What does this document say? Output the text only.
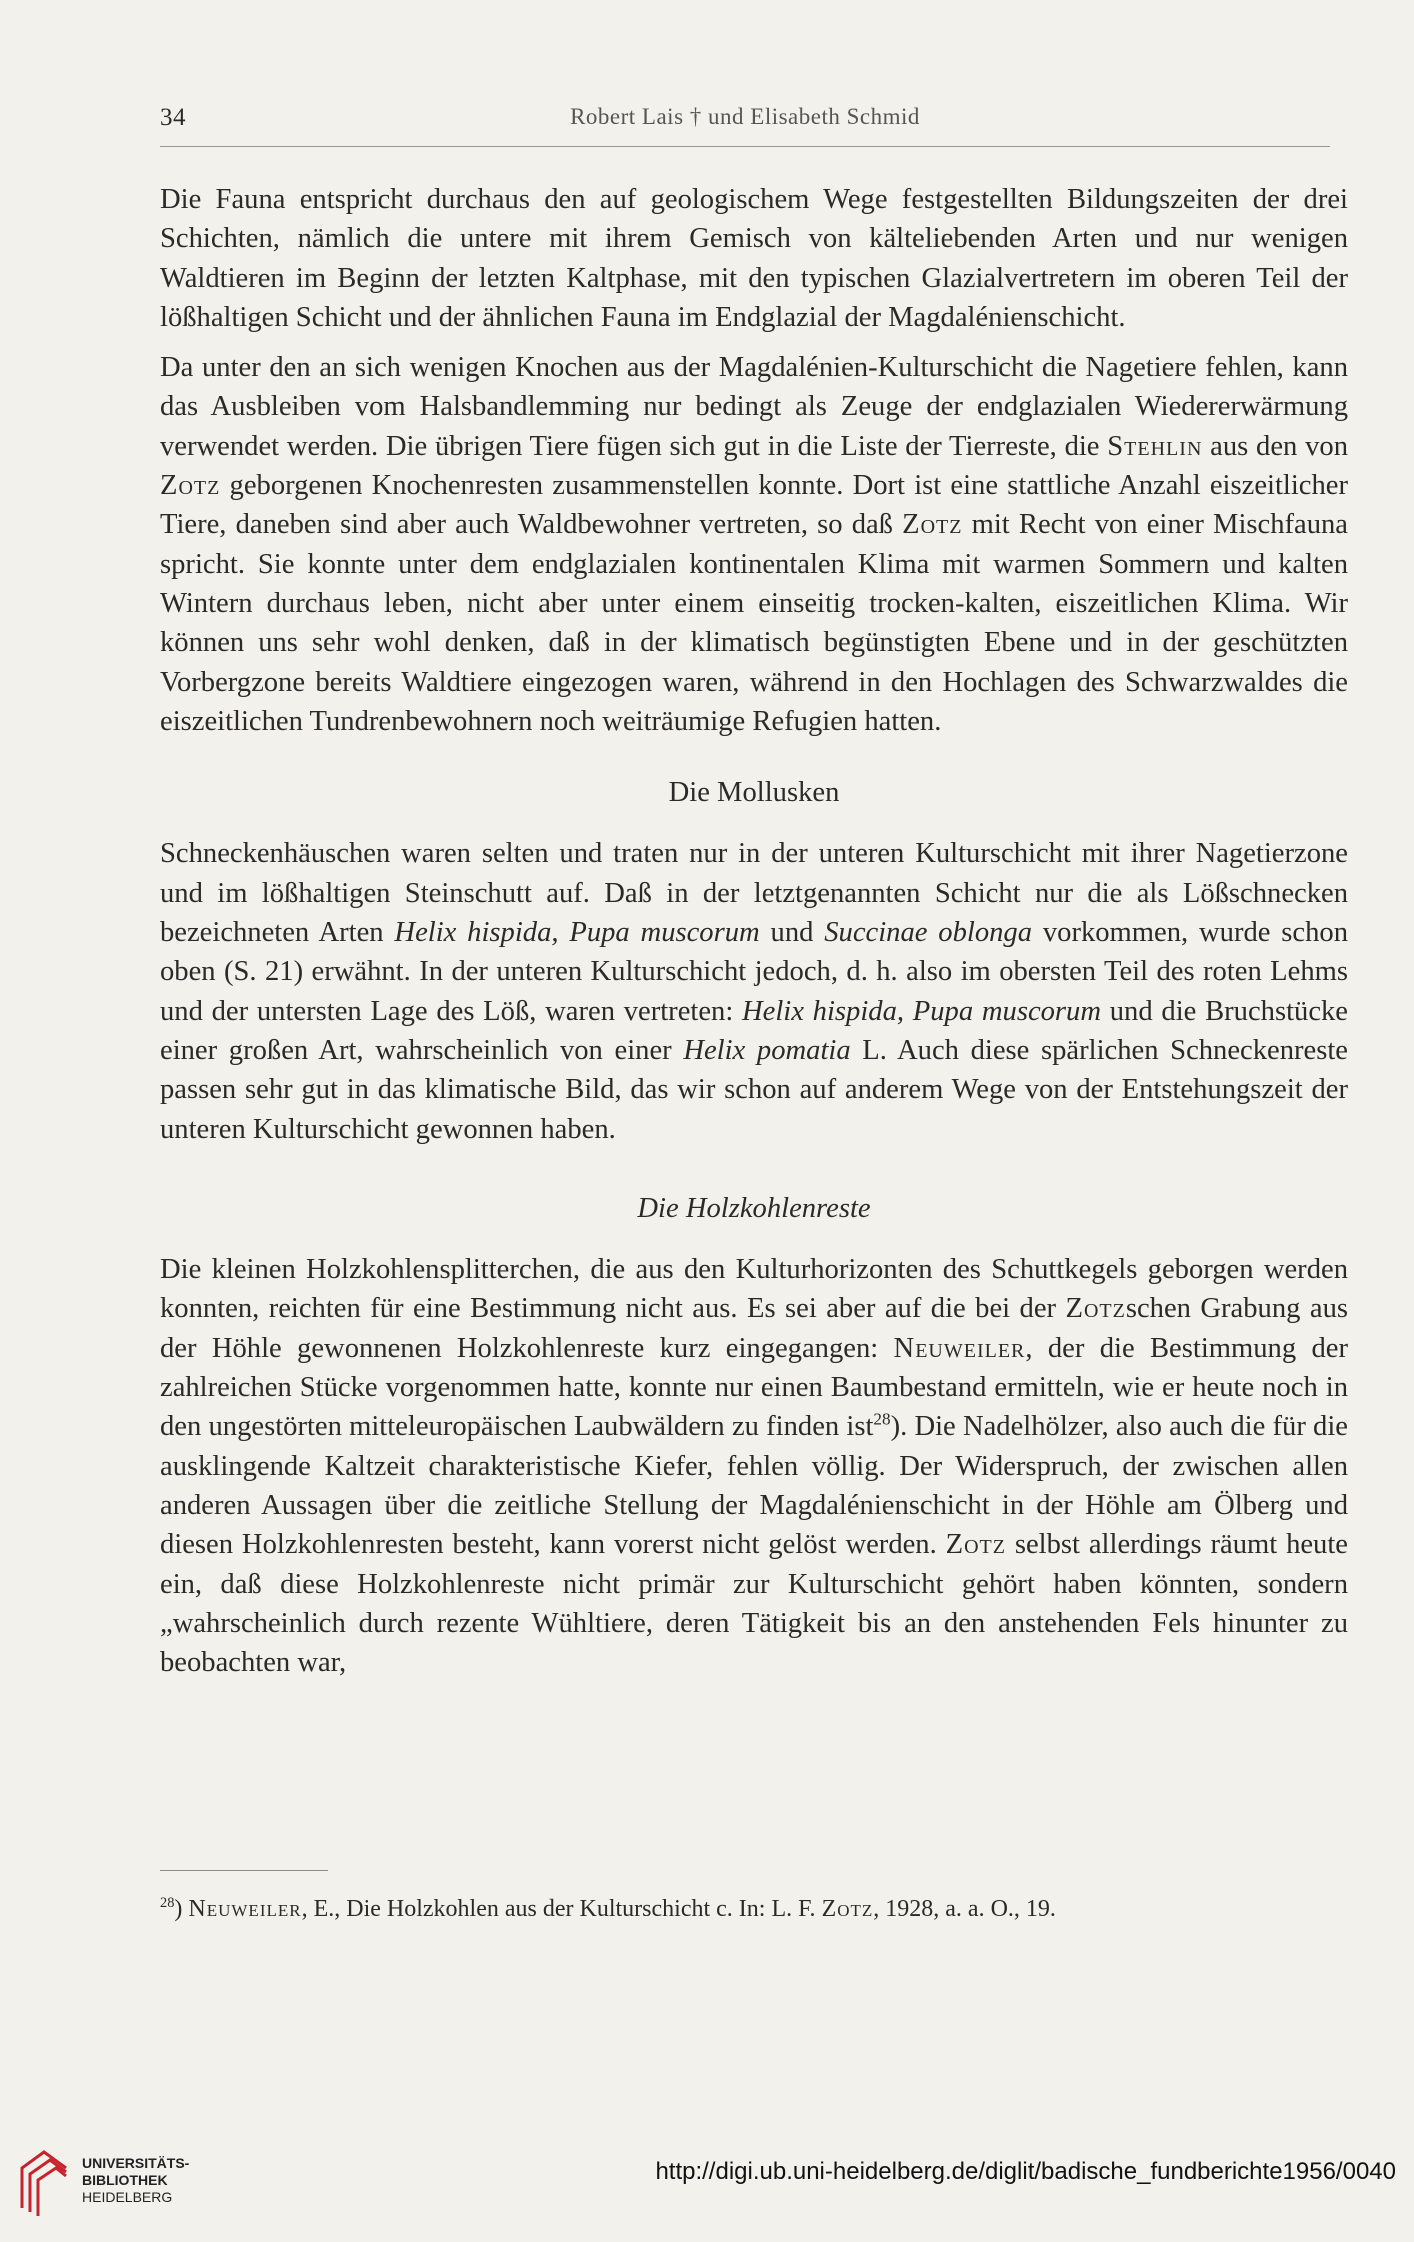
34	Robert Lais † und Elisabeth Schmid

Die Fauna entspricht durchaus den auf geologischem Wege festgestellten Bildungszeiten der drei Schichten, nämlich die untere mit ihrem Gemisch von kälteliebenden Arten und nur wenigen Waldtieren im Beginn der letzten Kaltphase, mit den typischen Glazialvertretern im oberen Teil der lößhaltigen Schicht und der ähnlichen Fauna im Endglazial der Magdalénienschicht.

Da unter den an sich wenigen Knochen aus der Magdalénien-Kulturschicht die Nagetiere fehlen, kann das Ausbleiben vom Halsbandlemming nur bedingt als Zeuge der endglazialen Wiedererwärmung verwendet werden. Die übrigen Tiere fügen sich gut in die Liste der Tierreste, die Stehlin aus den von Zotz geborgenen Knochenresten zusammenstellen konnte. Dort ist eine stattliche Anzahl eiszeitlicher Tiere, daneben sind aber auch Waldbewohner vertreten, so daß Zotz mit Recht von einer Mischfauna spricht. Sie konnte unter dem endglazialen kontinentalen Klima mit warmen Sommern und kalten Wintern durchaus leben, nicht aber unter einem einseitig trocken-kalten, eiszeitlichen Klima. Wir können uns sehr wohl denken, daß in der klimatisch begünstigten Ebene und in der geschützten Vorbergzone bereits Waldtiere eingezogen waren, während in den Hochlagen des Schwarzwaldes die eiszeitlichen Tundrenbewohnern noch weiträumige Refugien hatten.

Die Mollusken

Schneckenhäuschen waren selten und traten nur in der unteren Kulturschicht mit ihrer Nagetierzone und im lößhaltigen Steinschutt auf. Daß in der letztgenannten Schicht nur die als Lößschnecken bezeichneten Arten Helix hispida, Pupa muscorum und Succinae oblonga vorkommen, wurde schon oben (S. 21) erwähnt. In der unteren Kulturschicht jedoch, d. h. also im obersten Teil des roten Lehms und der untersten Lage des Löß, waren vertreten: Helix hispida, Pupa muscorum und die Bruchstücke einer großen Art, wahrscheinlich von einer Helix pomatia L. Auch diese spärlichen Schneckenreste passen sehr gut in das klimatische Bild, das wir schon auf anderem Wege von der Entstehungszeit der unteren Kulturschicht gewonnen haben.

Die Holzkohlenreste

Die kleinen Holzkohlensplitterchen, die aus den Kulturhorizonten des Schuttkegels geborgen werden konnten, reichten für eine Bestimmung nicht aus. Es sei aber auf die bei der Zotzschen Grabung aus der Höhle gewonnenen Holzkohlenreste kurz eingegangen: Neuweiler, der die Bestimmung der zahlreichen Stücke vorgenommen hatte, konnte nur einen Baumbestand ermitteln, wie er heute noch in den ungestörten mitteleuropäischen Laubwäldern zu finden ist$^{28}$). Die Nadelhölzer, also auch die für die ausklingende Kaltzeit charakteristische Kiefer, fehlen völlig. Der Widerspruch, der zwischen allen anderen Aussagen über die zeitliche Stellung der Magdalénienschicht in der Höhle am Ölberg und diesen Holzkohlenresten besteht, kann vorerst nicht gelöst werden. Zotz selbst allerdings räumt heute ein, daß diese Holzkohlenreste nicht primär zur Kulturschicht gehört haben könnten, sondern „wahrscheinlich durch rezente Wühltiere, deren Tätigkeit bis an den anstehenden Fels hinunter zu beobachten war,

$^{28}$) Neuweiler, E., Die Holzkohlen aus der Kulturschicht c. In: L. F. Zotz, 1928, a. a. O., 19.
UNIVERSITÄTS-
BIBLIOTHEK
HEIDELBERG
http://digi.ub.uni-heidelberg.de/diglit/badische_fundberichte1956/0040
